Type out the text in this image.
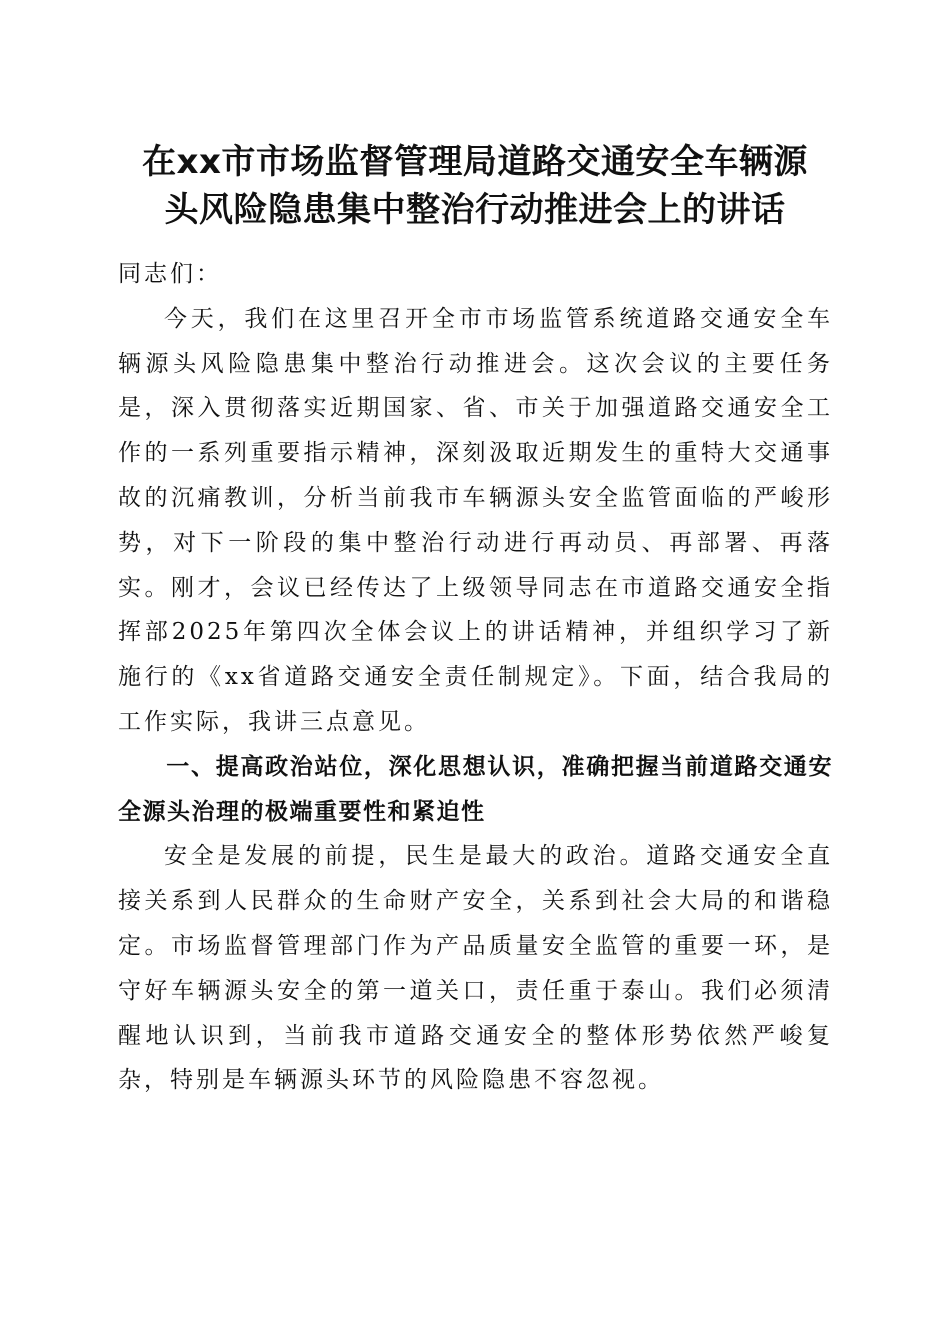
在xx市市场监督管理局道路交通安全车辆源
头风险隐患集中整治行动推进会上的讲话

同志们：

今天，我们在这里召开全市市场监管系统道路交通安全车辆源头风险隐患集中整治行动推进会。这次会议的主要任务是，深入贯彻落实近期国家、省、市关于加强道路交通安全工作的一系列重要指示精神，深刻汲取近期发生的重特大交通事故的沉痛教训，分析当前我市车辆源头安全监管面临的严峻形势，对下一阶段的集中整治行动进行再动员、再部署、再落实。刚才，会议已经传达了上级领导同志在市道路交通安全指挥部2025年第四次全体会议上的讲话精神，并组织学习了新施行的《xx省道路交通安全责任制规定》。下面，结合我局的工作实际，我讲三点意见。

一、提高政治站位，深化思想认识，准确把握当前道路交通安全源头治理的极端重要性和紧迫性

安全是发展的前提，民生是最大的政治。道路交通安全直接关系到人民群众的生命财产安全，关系到社会大局的和谐稳定。市场监督管理部门作为产品质量安全监管的重要一环，是守好车辆源头安全的第一道关口，责任重于泰山。我们必须清醒地认识到，当前我市道路交通安全的整体形势依然严峻复杂，特别是车辆源头环节的风险隐患不容忽视。
